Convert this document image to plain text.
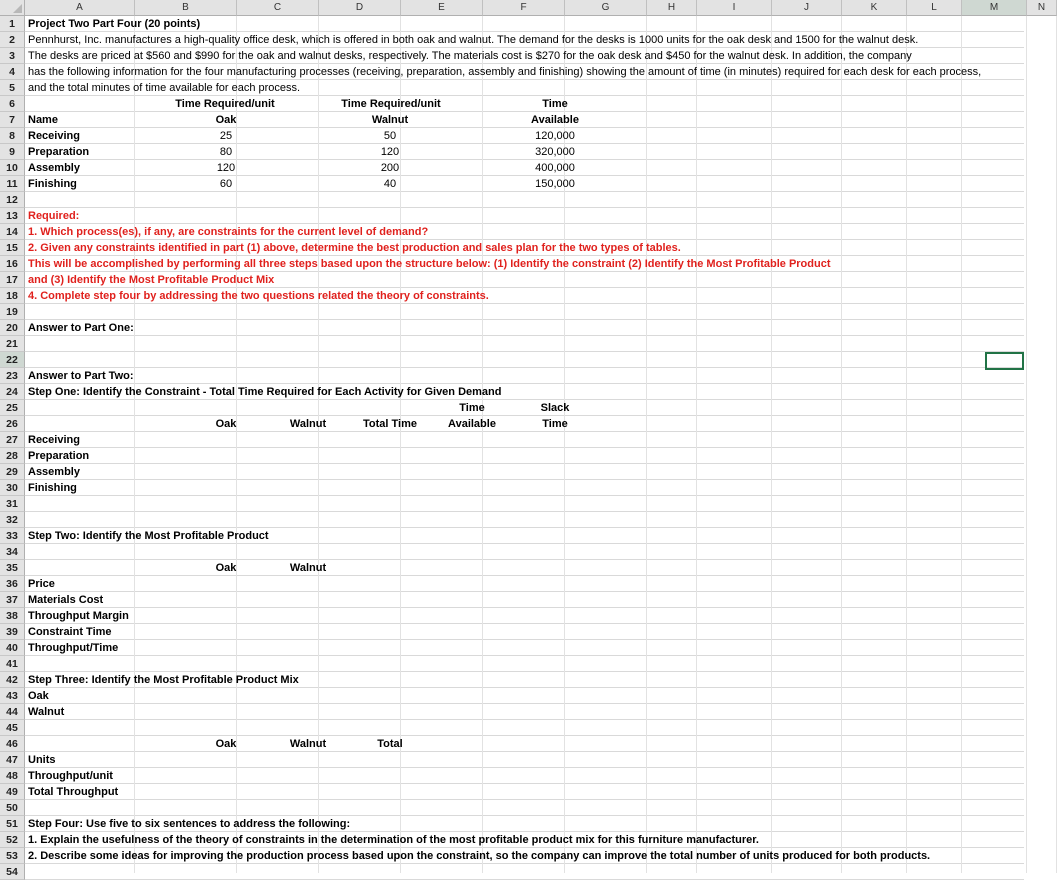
A	B	C	D	E	F	G	H	I	J	K	L	M	N
1
2
3
4
5
6
7
8
9
10
11
12
13
14
15
16
17
18
19
20
21
22
23
24
25
26
27
28
29
30
31
32
33
34
35
36
37
38
39
40
41
42
43
44
45
46
47
48
49
50
51
52
53
54
Project Two Part Four (20 points)
Pennhurst, Inc. manufactures a high-quality office desk, which is offered in both oak and walnut. The demand for the desks is 1000 units for the oak desk and 1500 for the walnut desk.
The desks are priced at $560 and $990 for the oak and walnut desks, respectively. The materials cost is $270 for the oak desk and $450 for the walnut desk. In addition, the company
has the following information for the four manufacturing processes (receiving, preparation, assembly and finishing) showing the amount of time (in minutes) required for each desk for each process,
and the total minutes of time available for each process.
Time Required/unit	Time Required/unit	Time
Name	Oak	Walnut	Available
Receiving	25	50	120,000
Preparation	80	120	320,000
Assembly	120	200	400,000
Finishing	60	40	150,000
Required:
1. Which process(es), if any, are constraints for the current level of demand?
2. Given any constraints identified in part (1) above, determine the best production and sales plan for the two types of tables.
This will be accomplished by performing all three steps based upon the structure below: (1) Identify the constraint (2) Identify the Most Profitable Product
and (3) Identify the Most Profitable Product Mix
4. Complete step four by addressing the two questions related the theory of constraints.
Answer to Part One:
Answer to Part Two:
Step One: Identify the Constraint - Total Time Required for Each Activity for Given Demand
Time	Slack
Oak	Walnut	Total Time	Available	Time
Receiving
Preparation
Assembly
Finishing
Step Two: Identify the Most Profitable Product
Oak	Walnut
Price
Materials Cost
Throughput Margin
Constraint Time
Throughput/Time
Step Three: Identify the Most Profitable Product Mix
Oak
Walnut
Oak	Walnut	Total
Units
Throughput/unit
Total Throughput
Step Four: Use five to six sentences to address the following:
1. Explain the usefulness of the theory of constraints in the determination of the most profitable product mix for this furniture manufacturer.
2. Describe some ideas for improving the production process based upon the constraint, so the company can improve the total number of units produced for both products.
